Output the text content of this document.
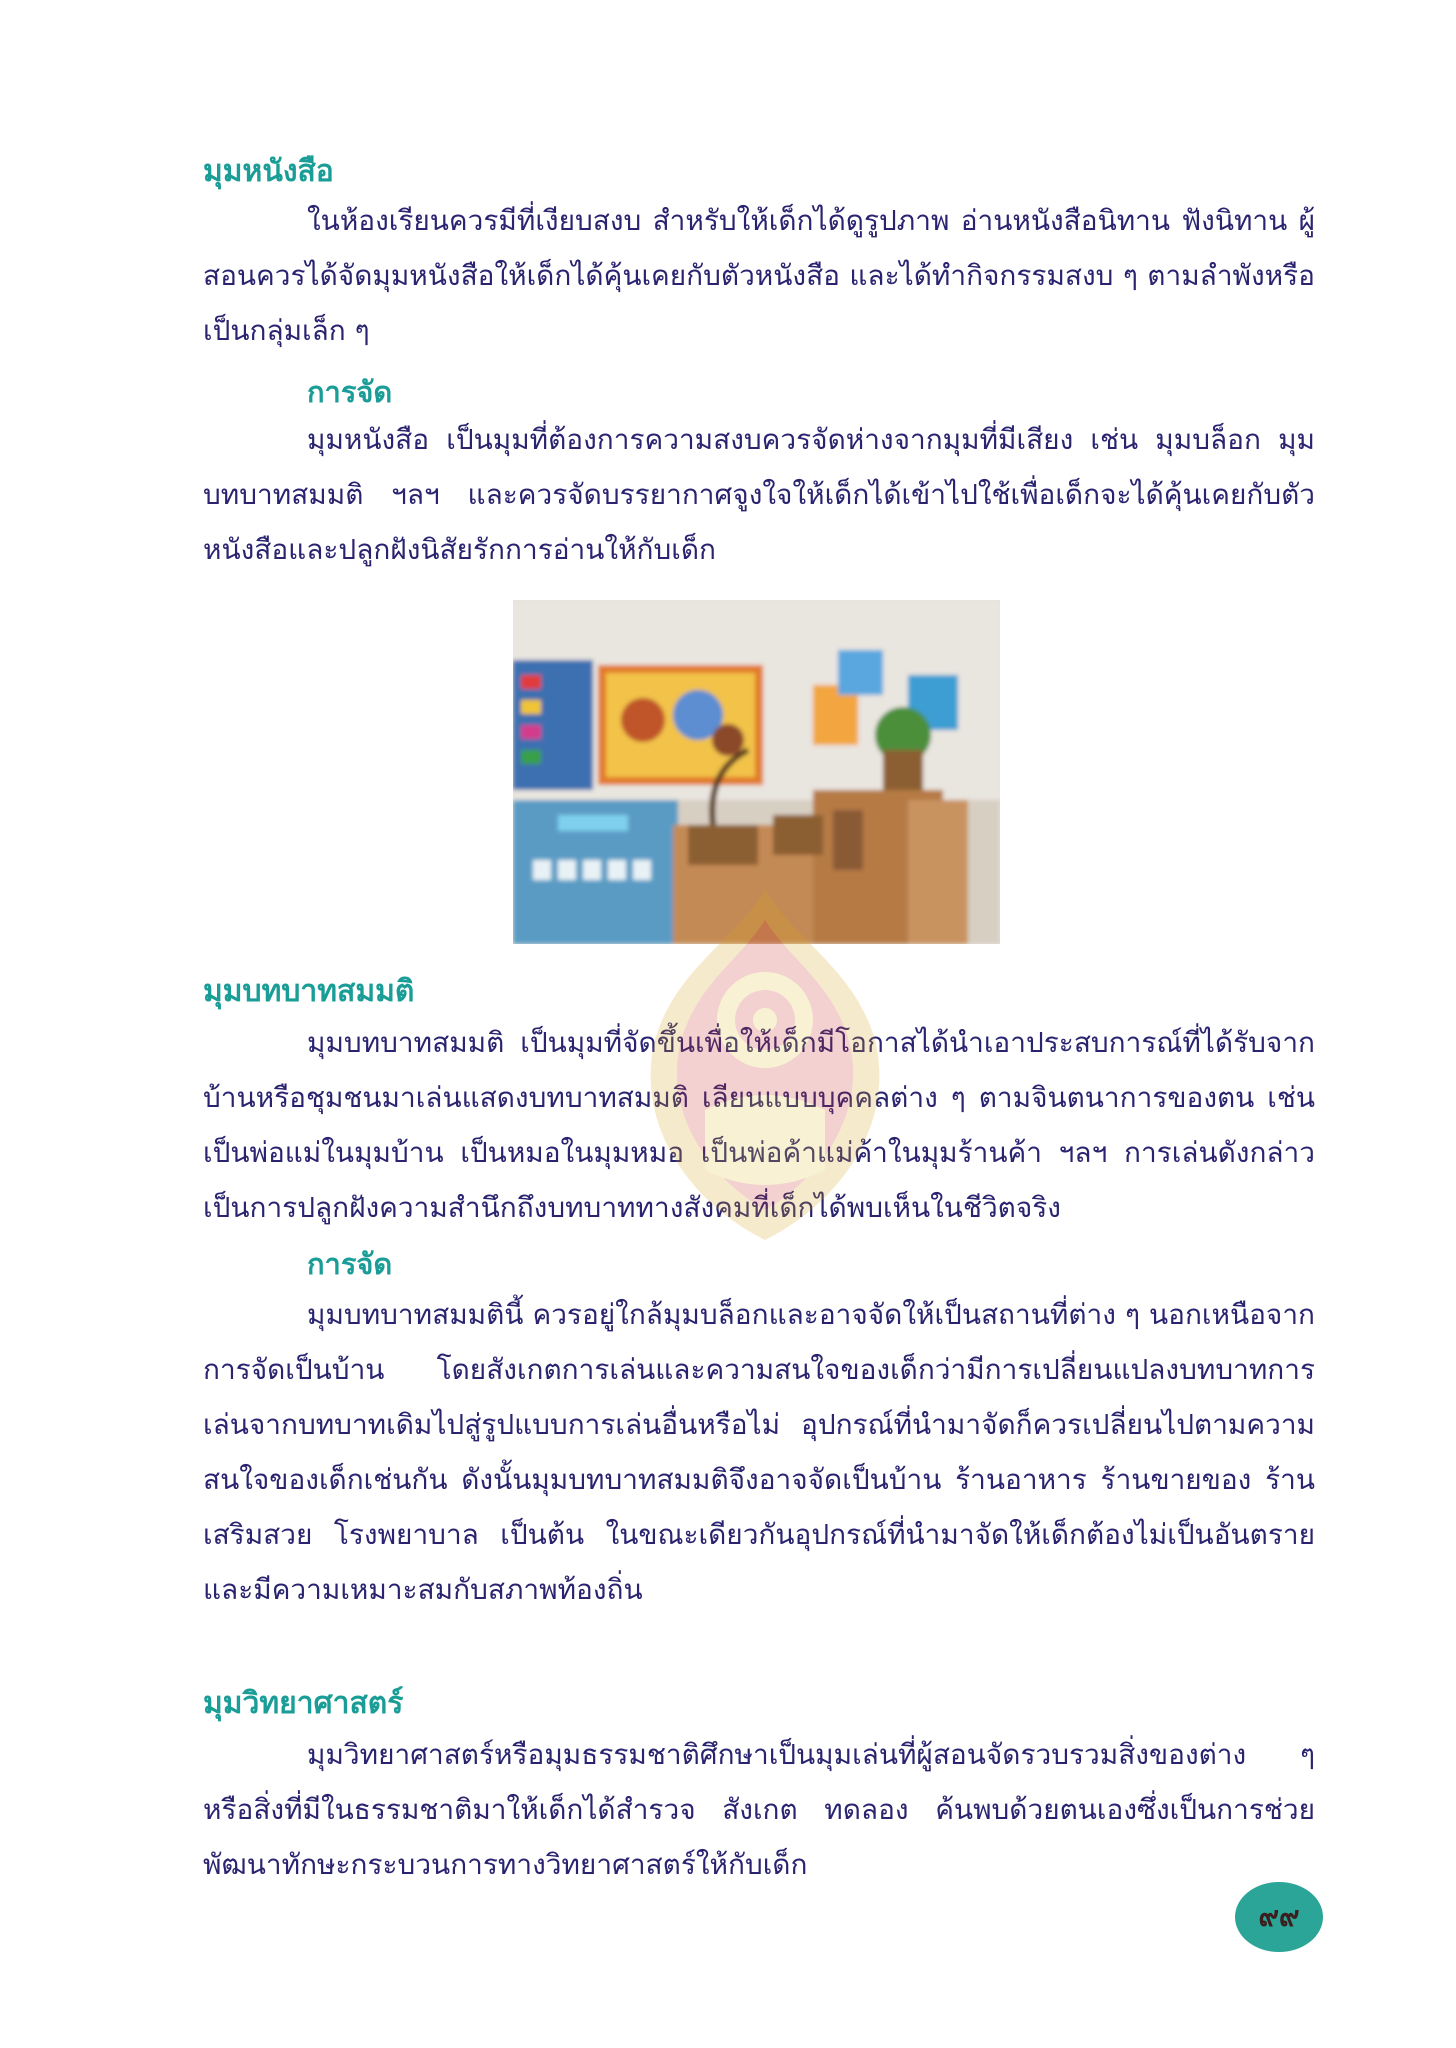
มุมหนังสือ

ในห้องเรียนควรมีที่เงียบสงบ สำหรับให้เด็กได้ดูรูปภาพ อ่านหนังสือนิทาน ฟังนิทาน ผู้สอนควรได้จัดมุมหนังสือให้เด็กได้คุ้นเคยกับตัวหนังสือ และได้ทำกิจกรรมสงบ ๆ ตามลำพังหรือเป็นกลุ่มเล็ก ๆ

การจัด

มุมหนังสือ เป็นมุมที่ต้องการความสงบควรจัดห่างจากมุมที่มีเสียง เช่น มุมบล็อก มุมบทบาทสมมติ ฯลฯ และควรจัดบรรยากาศจูงใจให้เด็กได้เข้าไปใช้เพื่อเด็กจะได้คุ้นเคยกับตัวหนังสือและปลูกฝังนิสัยรักการอ่านให้กับเด็ก

มุมบทบาทสมมติ

มุมบทบาทสมมติ เป็นมุมที่จัดขึ้นเพื่อให้เด็กมีโอกาสได้นำเอาประสบการณ์ที่ได้รับจากบ้านหรือชุมชนมาเล่นแสดงบทบาทสมมติ เลียนแบบบุคคลต่าง ๆ ตามจินตนาการของตน เช่น เป็นพ่อแม่ในมุมบ้าน เป็นหมอในมุมหมอ เป็นพ่อค้าแม่ค้าในมุมร้านค้า ฯลฯ การเล่นดังกล่าวเป็นการปลูกฝังความสำนึกถึงบทบาททางสังคมที่เด็กได้พบเห็นในชีวิตจริง

การจัด

มุมบทบาทสมมตินี้ ควรอยู่ใกล้มุมบล็อกและอาจจัดให้เป็นสถานที่ต่าง ๆ นอกเหนือจากการจัดเป็นบ้าน โดยสังเกตการเล่นและความสนใจของเด็กว่ามีการเปลี่ยนแปลงบทบาทการเล่นจากบทบาทเดิมไปสู่รูปแบบการเล่นอื่นหรือไม่ อุปกรณ์ที่นำมาจัดก็ควรเปลี่ยนไปตามความสนใจของเด็กเช่นกัน ดังนั้นมุมบทบาทสมมติจึงอาจจัดเป็นบ้าน ร้านอาหาร ร้านขายของ ร้านเสริมสวย โรงพยาบาล เป็นต้น ในขณะเดียวกันอุปกรณ์ที่นำมาจัดให้เด็กต้องไม่เป็นอันตรายและมีความเหมาะสมกับสภาพท้องถิ่น

มุมวิทยาศาสตร์

มุมวิทยาศาสตร์หรือมุมธรรมชาติศึกษาเป็นมุมเล่นที่ผู้สอนจัดรวบรวมสิ่งของต่าง ๆ หรือสิ่งที่มีในธรรมชาติมาให้เด็กได้สำรวจ สังเกต ทดลอง ค้นพบด้วยตนเองซึ่งเป็นการช่วยพัฒนาทักษะกระบวนการทางวิทยาศาสตร์ให้กับเด็ก

๙๙
